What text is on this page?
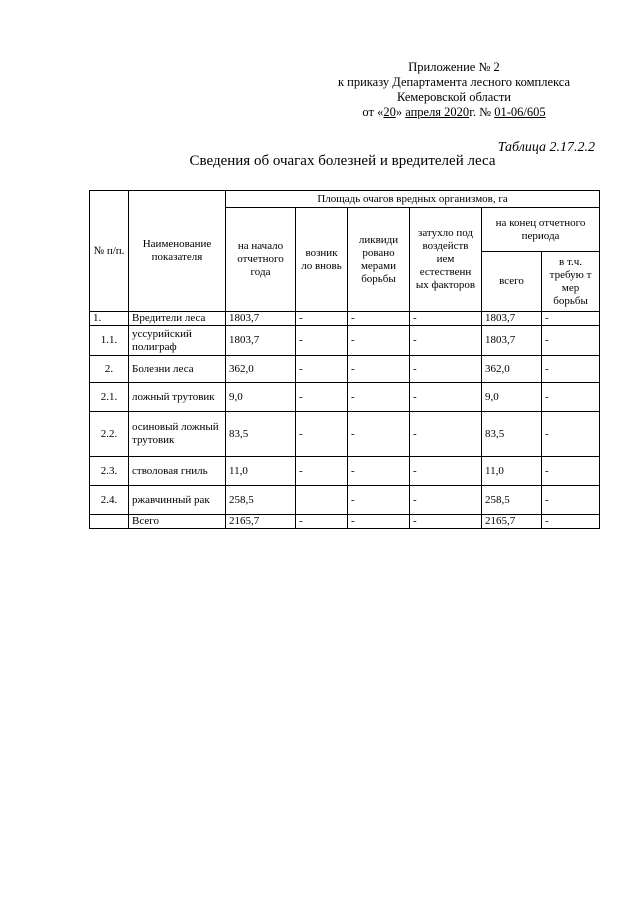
Приложение № 2
к приказу Департамента лесного комплекса
Кемеровской области
от «20» апреля 2020г. № 01-06/605
Таблица 2.17.2.2
Сведения об очагах болезней и вредителей леса
№ п/п.	Наименование показателя	Площадь очагов вредных организмов, га					
		на начало отчетного года	возник ло вновь	ликвиди ровано мерами борьбы	затухло под воздейств ием естественн ых факторов	на конец отчетного периода	
						всего	в т.ч. требую т мер борьбы
1.	Вредители леса	1803,7	-	-	-	1803,7	-
1.1.	уссурийский полиграф	1803,7	-	-	-	1803,7	-
2.	Болезни леса	362,0	-	-	-	362,0	-
2.1.	ложный трутовик	9,0	-	-	-	9,0	-
2.2.	осиновый ложный трутовик	83,5	-	-	-	83,5	-
2.3.	стволовая гниль	11,0	-	-	-	11,0	-
2.4.	ржавчинный рак	258,5		-	-	258,5	-
	Всего	2165,7	-	-	-	2165,7	-
